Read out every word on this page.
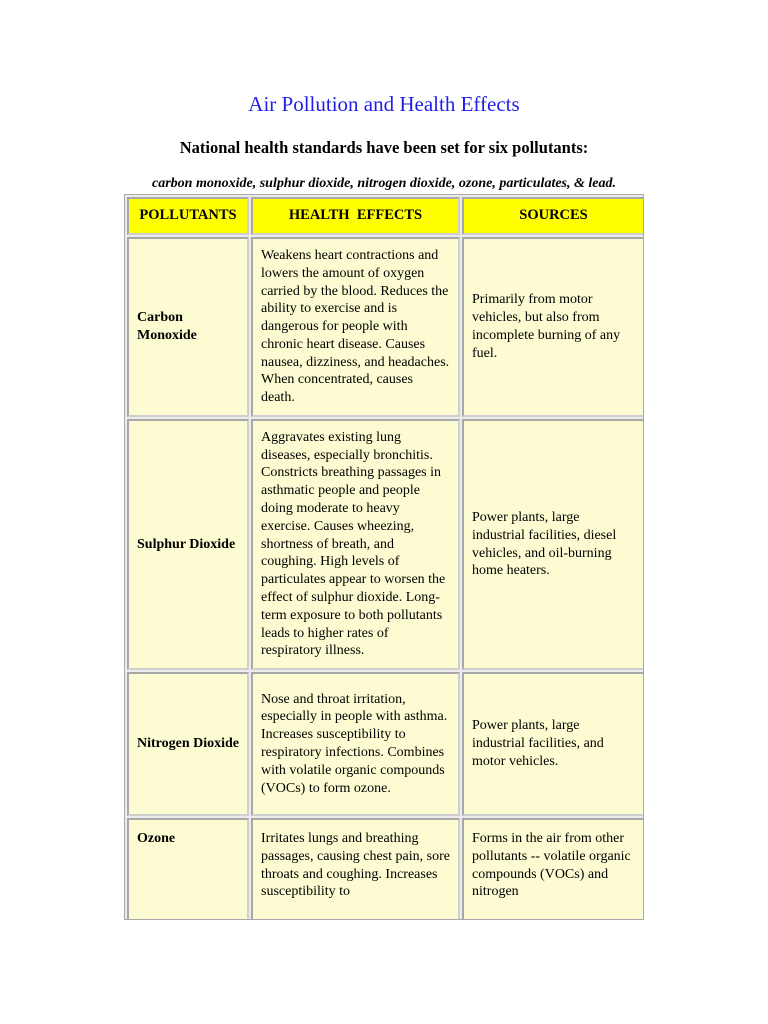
Air Pollution and Health Effects
National health standards have been set for six pollutants:
carbon monoxide, sulphur dioxide, nitrogen dioxide, ozone, particulates, & lead.
POLLUTANTS	HEALTH  EFFECTS	SOURCES
Carbon Monoxide	Weakens heart contractions and lowers the amount of oxygen carried by the blood. Reduces the ability to exercise and is dangerous for people with chronic heart disease. Causes nausea, dizziness, and headaches. When concentrated, causes death.	Primarily from motor vehicles, but also from incomplete burning of any fuel.
Sulphur Dioxide	Aggravates existing lung diseases, especially bronchitis. Constricts breathing passages in asthmatic people and people doing moderate to heavy exercise. Causes wheezing, shortness of breath, and coughing. High levels of particulates appear to worsen the effect of sulphur dioxide. Long-term exposure to both pollutants leads to higher rates of respiratory illness.	Power plants, large industrial facilities, diesel vehicles, and oil-burning home heaters.
Nitrogen Dioxide	Nose and throat irritation, especially in people with asthma. Increases susceptibility to respiratory infections. Combines with volatile organic compounds (VOCs) to form ozone.	Power plants, large industrial facilities, and motor vehicles.
Ozone	Irritates lungs and breathing passages, causing chest pain, sore throats and coughing. Increases susceptibility to	Forms in the air from other pollutants -- volatile organic compounds (VOCs) and nitrogen
